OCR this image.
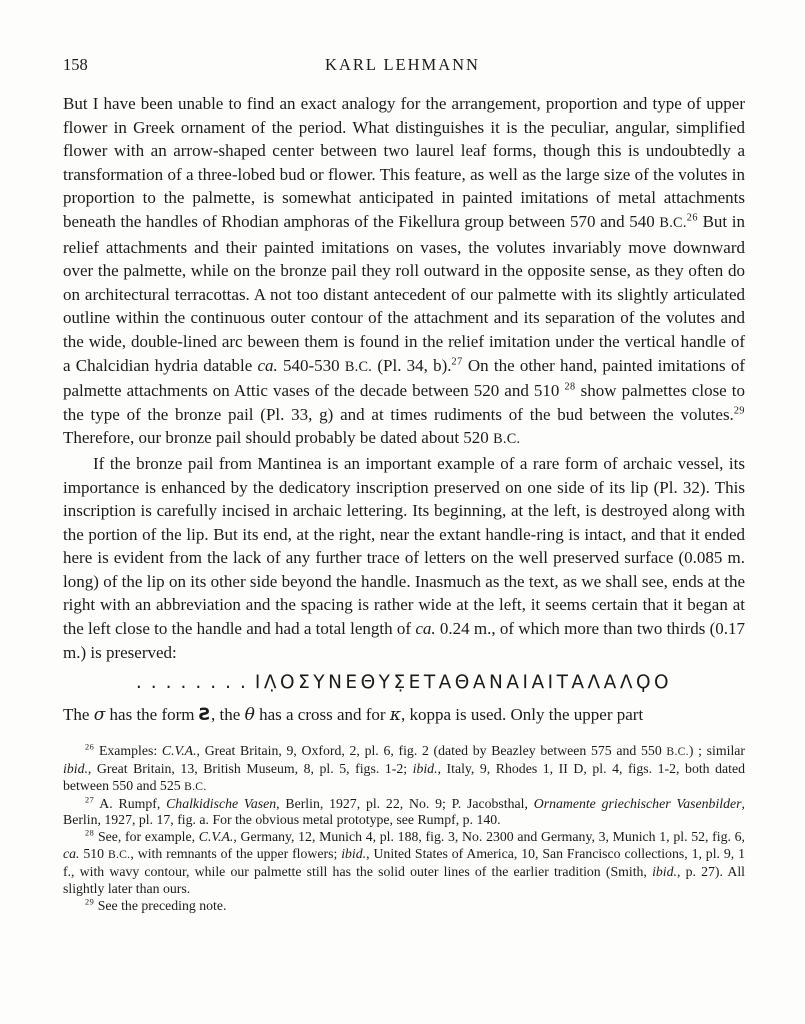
158	KARL LEHMANN

But I have been unable to find an exact analogy for the arrangement, proportion and type of upper flower in Greek ornament of the period. What distinguishes it is the peculiar, angular, simplified flower with an arrow-shaped center between two laurel leaf forms, though this is undoubtedly a transformation of a three-lobed bud or flower. This feature, as well as the large size of the volutes in proportion to the palmette, is somewhat anticipated in painted imitations of metal attachments beneath the handles of Rhodian amphoras of the Fikellura group between 570 and 540 B.C.$^{26}$ But in relief attachments and their painted imitations on vases, the volutes invariably move downward over the palmette, while on the bronze pail they roll outward in the opposite sense, as they often do on architectural terracottas. A not too distant antecedent of our palmette with its slightly articulated outline within the continuous outer contour of the attachment and its separation of the volutes and the wide, double-lined arc beween them is found in the relief imitation under the vertical handle of a Chalcidian hydria datable ca. 540-530 B.C. (Pl. 34, b).$^{27}$ On the other hand, painted imitations of palmette attachments on Attic vases of the decade between 520 and 510 $^{28}$ show palmettes close to the type of the bronze pail (Pl. 33, g) and at times rudiments of the bud between the volutes.$^{29}$ Therefore, our bronze pail should probably be dated about 520 B.C.

If the bronze pail from Mantinea is an important example of a rare form of archaic vessel, its importance is enhanced by the dedicatory inscription preserved on one side of its lip (Pl. 32). This inscription is carefully incised in archaic lettering. Its beginning, at the left, is destroyed along with the portion of the lip. But its end, at the right, near the extant handle-ring is intact, and that it ended here is evident from the lack of any further trace of letters on the well preserved surface (0.085 m. long) of the lip on its other side beyond the handle. Inasmuch as the text, as we shall see, ends at the right with an abbreviation and the spacing is rather wide at the left, it seems certain that it began at the left close to the handle and had a total length of ca. 0.24 m., of which more than two thirds (0.17 m.) is preserved:

........ΙΛ̣ΟΣΥΝΕΘΥΣ̣ΕΤΑΘΑΝΑΙΑΙΤΑΛΑΛϘΟ

The σ has the form Ƨ, the θ has a cross and for κ, koppa is used. Only the upper part

$^{26}$ Examples: C.V.A., Great Britain, 9, Oxford, 2, pl. 6, fig. 2 (dated by Beazley between 575 and 550 B.C.) ; similar ibid., Great Britain, 13, British Museum, 8, pl. 5, figs. 1-2; ibid., Italy, 9, Rhodes 1, II D, pl. 4, figs. 1-2, both dated between 550 and 525 B.C.

$^{27}$ A. Rumpf, Chalkidische Vasen, Berlin, 1927, pl. 22, No. 9; P. Jacobsthal, Ornamente griechischer Vasenbilder, Berlin, 1927, pl. 17, fig. a. For the obvious metal prototype, see Rumpf, p. 140.

$^{28}$ See, for example, C.V.A., Germany, 12, Munich 4, pl. 188, fig. 3, No. 2300 and Germany, 3, Munich 1, pl. 52, fig. 6, ca. 510 B.C., with remnants of the upper flowers; ibid., United States of America, 10, San Francisco collections, 1, pl. 9, 1 f., with wavy contour, while our palmette still has the solid outer lines of the earlier tradition (Smith, ibid., p. 27). All slightly later than ours.

$^{29}$ See the preceding note.
